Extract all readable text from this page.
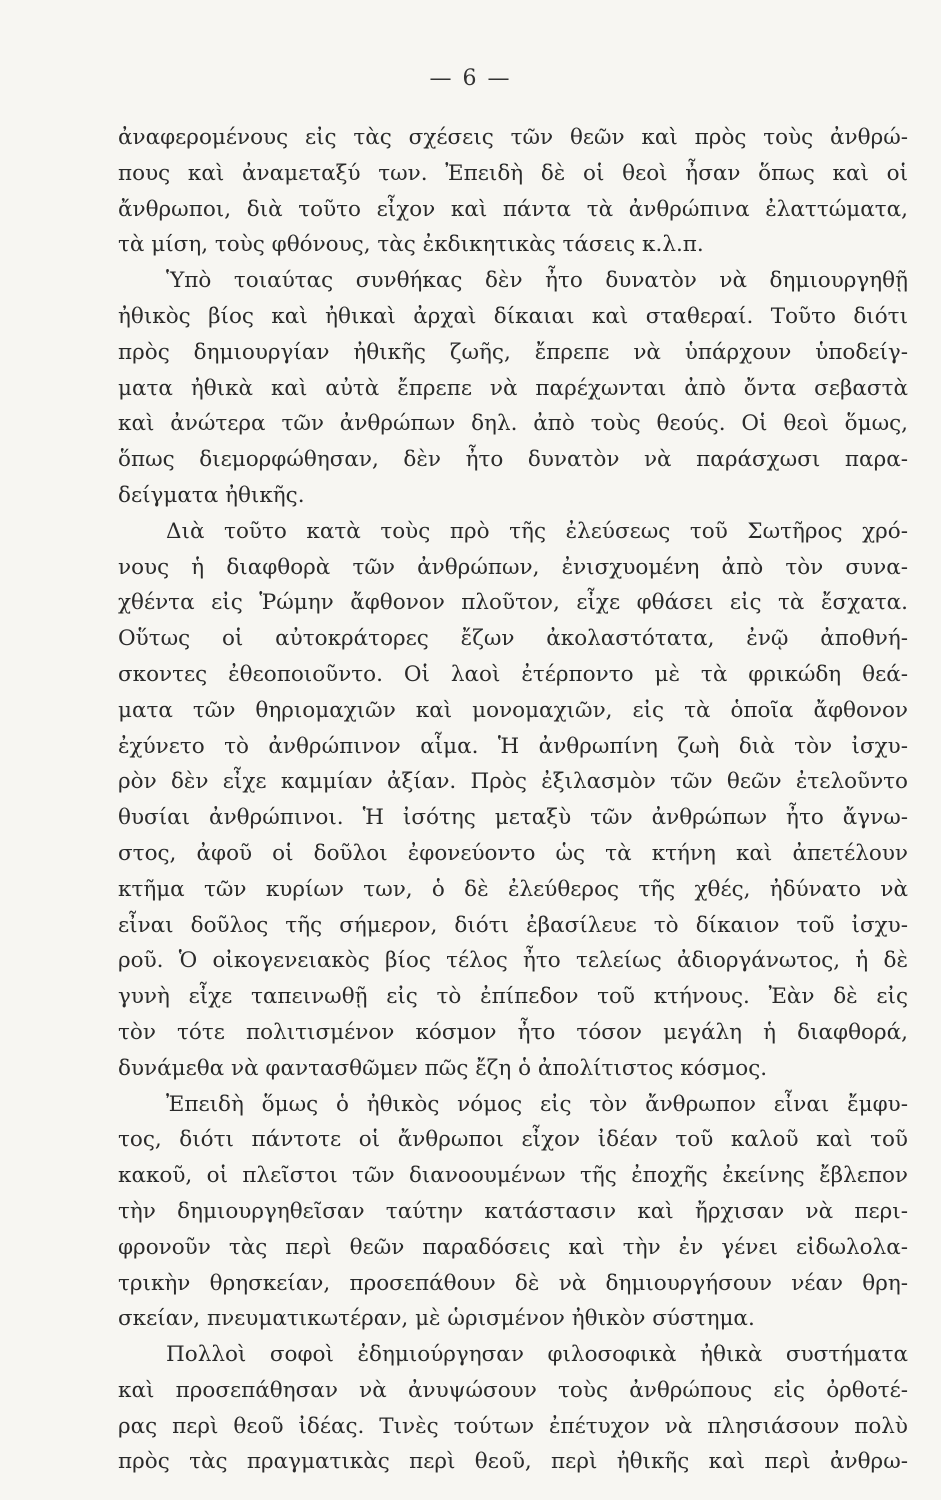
— 6 —
ἀναφερομένους εἰς τὰς σχέσεις τῶν θεῶν καὶ πρὸς τοὺς ἀνθρώ-
πους καὶ ἀναμεταξύ των. Ἐπειδὴ δὲ οἱ θεοὶ ἦσαν ὅπως καὶ οἱ
ἄνθρωποι, διὰ τοῦτο εἶχον καὶ πάντα τὰ ἀνθρώπινα ἐλαττώματα,
τὰ μίση, τοὺς φθόνους, τὰς ἐκδικητικὰς τάσεις κ.λ.π.
Ὑπὸ τοιαύτας συνθήκας δὲν ἦτο δυνατὸν νὰ δημιουργηθῇ
ἠθικὸς βίος καὶ ἠθικαὶ ἀρχαὶ δίκαιαι καὶ σταθεραί. Τοῦτο διότι
πρὸς δημιουργίαν ἠθικῆς ζωῆς, ἔπρεπε νὰ ὑπάρχουν ὑποδείγ-
ματα ἠθικὰ καὶ αὐτὰ ἔπρεπε νὰ παρέχωνται ἀπὸ ὄντα σεβαστὰ
καὶ ἀνώτερα τῶν ἀνθρώπων δηλ. ἀπὸ τοὺς θεούς. Οἱ θεοὶ ὅμως,
ὅπως διεμορφώθησαν, δὲν ἦτο δυνατὸν νὰ παράσχωσι παρα-
δείγματα ἠθικῆς.
Διὰ τοῦτο κατὰ τοὺς πρὸ τῆς ἐλεύσεως τοῦ Σωτῆρος χρό-
νους ἡ διαφθορὰ τῶν ἀνθρώπων, ἐνισχυομένη ἀπὸ τὸν συνα-
χθέντα εἰς Ῥώμην ἄφθονον πλοῦτον, εἶχε φθάσει εἰς τὰ ἔσχατα.
Οὕτως οἱ αὐτοκράτορες ἔζων ἀκολαστότατα, ἐνῷ ἀποθνή-
σκοντες ἐθεοποιοῦντο. Οἱ λαοὶ ἐτέρποντο μὲ τὰ φρικώδη θεά-
ματα τῶν θηριομαχιῶν καὶ μονομαχιῶν, εἰς τὰ ὁποῖα ἄφθονον
ἐχύνετο τὸ ἀνθρώπινον αἷμα. Ἡ ἀνθρωπίνη ζωὴ διὰ τὸν ἰσχυ-
ρὸν δὲν εἶχε καμμίαν ἀξίαν. Πρὸς ἐξιλασμὸν τῶν θεῶν ἐτελοῦντο
θυσίαι ἀνθρώπινοι. Ἡ ἰσότης μεταξὺ τῶν ἀνθρώπων ἦτο ἄγνω-
στος, ἀφοῦ οἱ δοῦλοι ἐφονεύοντο ὡς τὰ κτήνη καὶ ἀπετέλουν
κτῆμα τῶν κυρίων των, ὁ δὲ ἐλεύθερος τῆς χθές, ἠδύνατο νὰ
εἶναι δοῦλος τῆς σήμερον, διότι ἐβασίλευε τὸ δίκαιον τοῦ ἰσχυ-
ροῦ. Ὁ οἰκογενειακὸς βίος τέλος ἦτο τελείως ἀδιοργάνωτος, ἡ δὲ
γυνὴ εἶχε ταπεινωθῇ εἰς τὸ ἐπίπεδον τοῦ κτήνους. Ἐὰν δὲ εἰς
τὸν τότε πολιτισμένον κόσμον ἦτο τόσον μεγάλη ἡ διαφθορά,
δυνάμεθα νὰ φαντασθῶμεν πῶς ἔζη ὁ ἀπολίτιστος κόσμος.
Ἐπειδὴ ὅμως ὁ ἠθικὸς νόμος εἰς τὸν ἄνθρωπον εἶναι ἔμφυ-
τος, διότι πάντοτε οἱ ἄνθρωποι εἶχον ἰδέαν τοῦ καλοῦ καὶ τοῦ
κακοῦ, οἱ πλεῖστοι τῶν διανοουμένων τῆς ἐποχῆς ἐκείνης ἔβλεπον
τὴν δημιουργηθεῖσαν ταύτην κατάστασιν καὶ ἤρχισαν νὰ περι-
φρονοῦν τὰς περὶ θεῶν παραδόσεις καὶ τὴν ἐν γένει εἰδωλολα-
τρικὴν θρησκείαν, προσεπάθουν δὲ νὰ δημιουργήσουν νέαν θρη-
σκείαν, πνευματικωτέραν, μὲ ὡρισμένον ἠθικὸν σύστημα.
Πολλοὶ σοφοὶ ἐδημιούργησαν φιλοσοφικὰ ἠθικὰ συστήματα
καὶ προσεπάθησαν νὰ ἀνυψώσουν τοὺς ἀνθρώπους εἰς ὀρθοτέ-
ρας περὶ θεοῦ ἰδέας. Τινὲς τούτων ἐπέτυχον νὰ πλησιάσουν πολὺ
πρὸς τὰς πραγματικὰς περὶ θεοῦ, περὶ ἠθικῆς καὶ περὶ ἀνθρω-
